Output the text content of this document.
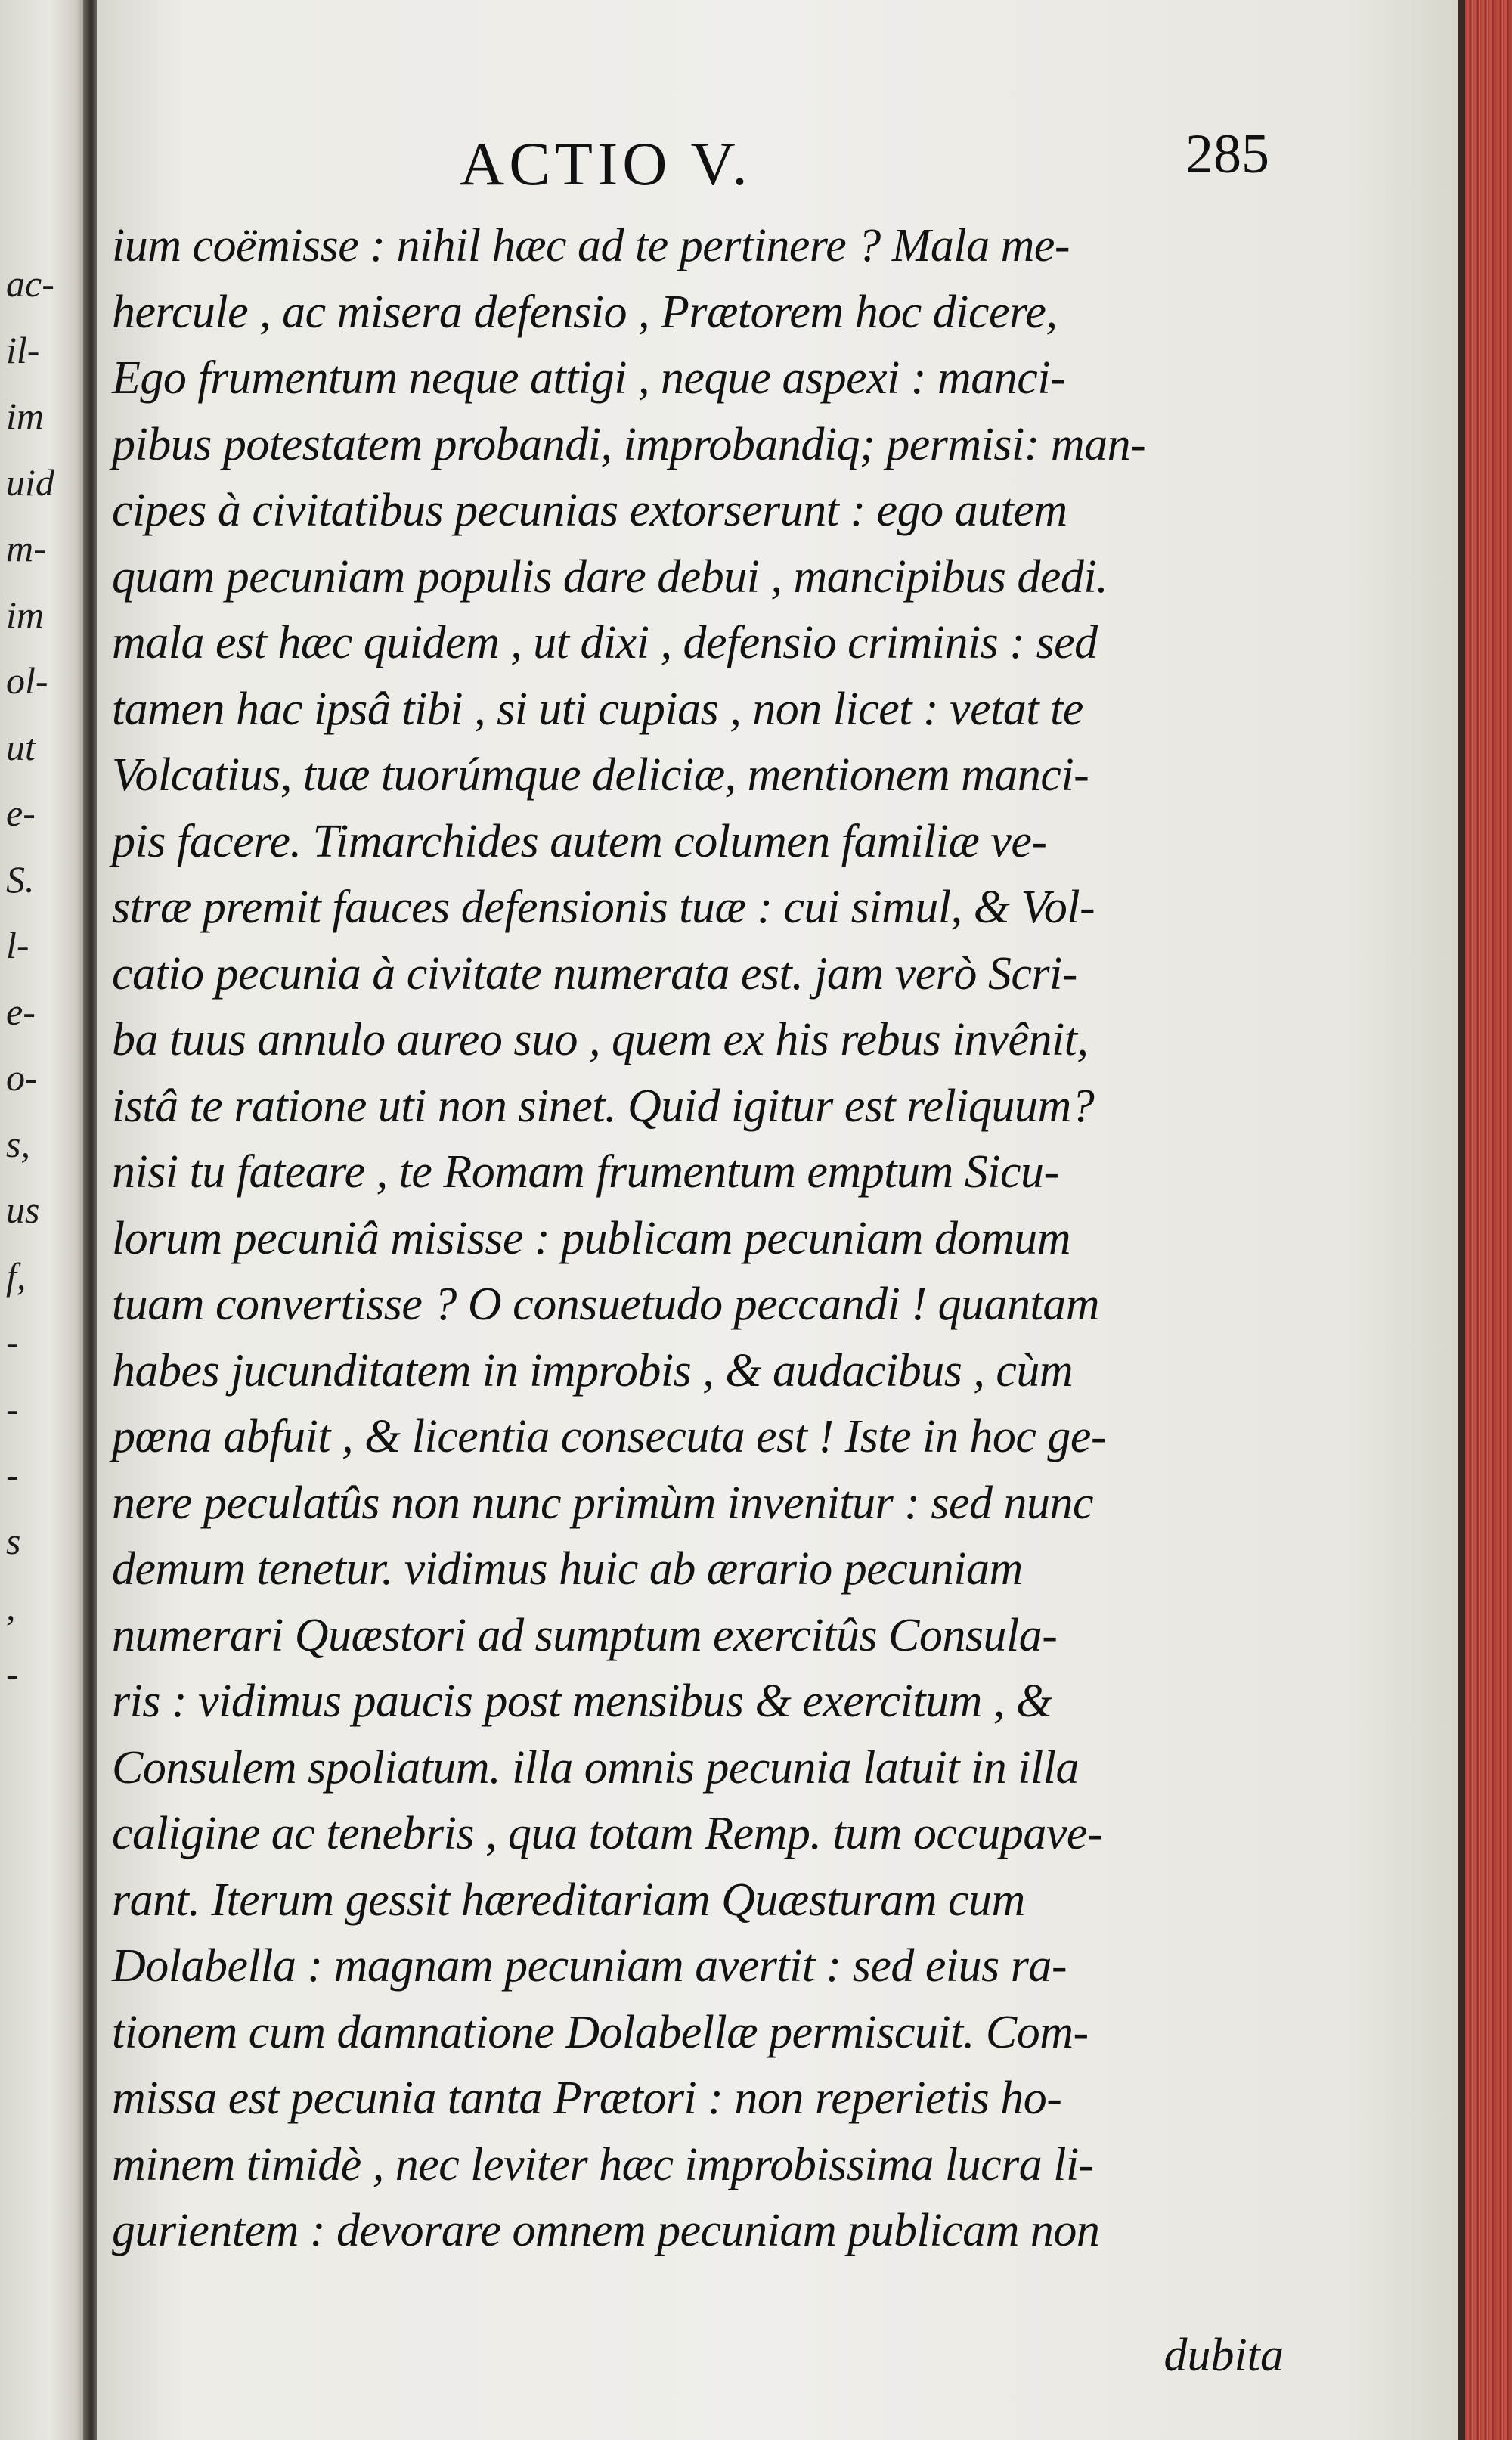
ac-
il-
im
uid
m-
im
ol-
ut
e-
S.
l-
e-
o-
s,
us
f,
-
-
-
s
,
-
ACTIO V.	285
ium coëmisse : nihil hæc ad te pertinere ? Mala me-
hercule , ac misera defensio , Prætorem hoc dicere,
Ego frumentum neque attigi , neque aspexi : manci-
pibus potestatem probandi, improbandiq; permisi: man-
cipes à civitatibus pecunias extorserunt : ego autem
quam pecuniam populis dare debui , mancipibus dedi.
mala est hæc quidem , ut dixi , defensio criminis : sed
tamen hac ipsâ tibi , si uti cupias , non licet : vetat te
Volcatius, tuæ tuorúmque deliciæ, mentionem manci-
pis facere. Timarchides autem columen familiæ ve-
stræ premit fauces defensionis tuæ : cui simul, & Vol-
catio pecunia à civitate numerata est. jam verò Scri-
ba tuus annulo aureo suo , quem ex his rebus invênit,
istâ te ratione uti non sinet. Quid igitur est reliquum?
nisi tu fateare , te Romam frumentum emptum Sicu-
lorum pecuniâ misisse : publicam pecuniam domum
tuam convertisse ? O consuetudo peccandi ! quantam
habes jucunditatem in improbis , & audacibus , cùm
pœna abfuit , & licentia consecuta est ! Iste in hoc ge-
nere peculatûs non nunc primùm invenitur : sed nunc
demum tenetur. vidimus huic ab ærario pecuniam
numerari Quæstori ad sumptum exercitûs Consula-
ris : vidimus paucis post mensibus & exercitum , &
Consulem spoliatum. illa omnis pecunia latuit in illa
caligine ac tenebris , qua totam Remp. tum occupave-
rant. Iterum gessit hæreditariam Quæsturam cum
Dolabella : magnam pecuniam avertit : sed eius ra-
tionem cum damnatione Dolabellæ permiscuit. Com-
missa est pecunia tanta Prætori : non reperietis ho-
minem timidè , nec leviter hæc improbissima lucra li-
gurientem : devorare omnem pecuniam publicam non
dubita
